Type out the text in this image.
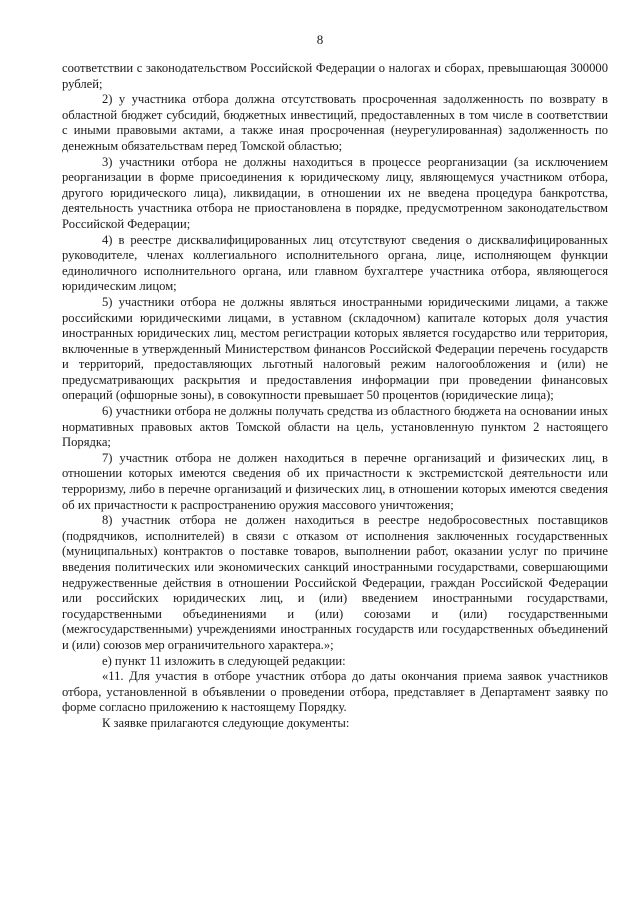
8

соответствии с законодательством Российской Федерации о налогах и сборах, превышающая 300000 рублей;

2) у участника отбора должна отсутствовать просроченная задолженность по возврату в областной бюджет субсидий, бюджетных инвестиций, предоставленных в том числе в соответствии с иными правовыми актами, а также иная просроченная (неурегулированная) задолженность по денежным обязательствам перед Томской областью;

3) участники отбора не должны находиться в процессе реорганизации (за исключением реорганизации в форме присоединения к юридическому лицу, являющемуся участником отбора, другого юридического лица), ликвидации, в отношении их не введена процедура банкротства, деятельность участника отбора не приостановлена в порядке, предусмотренном законодательством Российской Федерации;

4) в реестре дисквалифицированных лиц отсутствуют сведения о дисквалифицированных руководителе, членах коллегиального исполнительного органа, лице, исполняющем функции единоличного исполнительного органа, или главном бухгалтере участника отбора, являющегося юридическим лицом;

5) участники отбора не должны являться иностранными юридическими лицами, а также российскими юридическими лицами, в уставном (складочном) капитале которых доля участия иностранных юридических лиц, местом регистрации которых является государство или территория, включенные в утвержденный Министерством финансов Российской Федерации перечень государств и территорий, предоставляющих льготный налоговый режим налогообложения и (или) не предусматривающих раскрытия и предоставления информации при проведении финансовых операций (офшорные зоны), в совокупности превышает 50 процентов (юридические лица);

6) участники отбора не должны получать средства из областного бюджета на основании иных нормативных правовых актов Томской области на цель, установленную пунктом 2 настоящего Порядка;

7) участник отбора не должен находиться в перечне организаций и физических лиц, в отношении которых имеются сведения об их причастности к экстремистской деятельности или терроризму, либо в перечне организаций и физических лиц, в отношении которых имеются сведения об их причастности к распространению оружия массового уничтожения;

8) участник отбора не должен находиться в реестре недобросовестных поставщиков (подрядчиков, исполнителей) в связи с отказом от исполнения заключенных государственных (муниципальных) контрактов о поставке товаров, выполнении работ, оказании услуг по причине введения политических или экономических санкций иностранными государствами, совершающими недружественные действия в отношении Российской Федерации, граждан Российской Федерации или российских юридических лиц, и (или) введением иностранными государствами, государственными объединениями и (или) союзами и (или) государственными (межгосударственными) учреждениями иностранных государств или государственных объединений и (или) союзов мер ограничительного характера.»;

е) пункт 11 изложить в следующей редакции:

«11. Для участия в отборе участник отбора до даты окончания приема заявок участников отбора, установленной в объявлении о проведении отбора, представляет в Департамент заявку по форме согласно приложению к настоящему Порядку.

К заявке прилагаются следующие документы:
